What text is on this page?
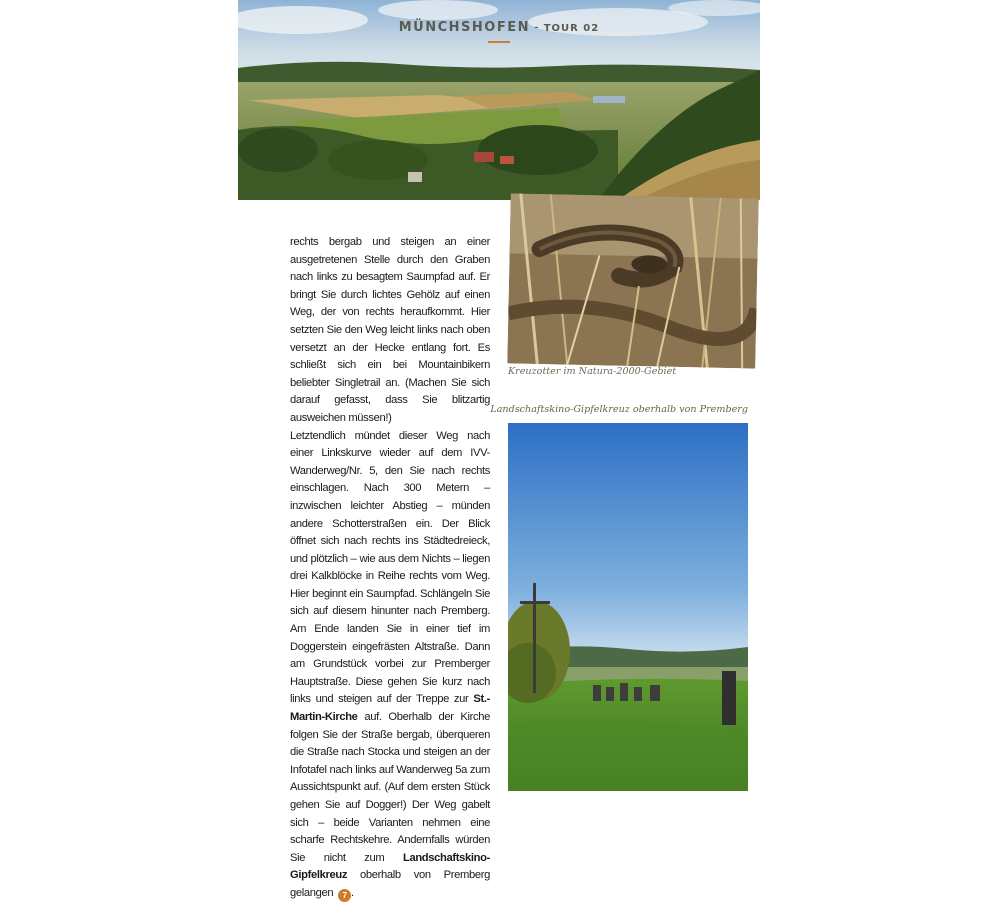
MÜNCHSHOFEN - TOUR 02

rechts bergab und steigen an einer ausgetretenen Stelle durch den Graben nach links zu besagtem Saumpfad auf. Er bringt Sie durch lichtes Gehölz auf einen Weg, der von rechts heraufkommt. Hier setzten Sie den Weg leicht links nach oben versetzt an der Hecke entlang fort. Es schließt sich ein bei Mountainbikern beliebter Singletrail an. (Machen Sie sich darauf gefasst, dass Sie blitzartig ausweichen müssen!)

Letztendlich mündet dieser Weg nach einer Linkskurve wieder auf dem IVV-Wanderweg/Nr. 5, den Sie nach rechts einschlagen. Nach 300 Metern – inzwischen leichter Abstieg – münden andere Schotterstraßen ein. Der Blick öffnet sich nach rechts ins Städtedreieck, und plötzlich – wie aus dem Nichts – liegen drei Kalkblöcke in Reihe rechts vom Weg. Hier beginnt ein Saumpfad. Schlängeln Sie sich auf diesem hinunter nach Premberg. Am Ende landen Sie in einer tief im Doggerstein eingefrästen Altstraße. Dann am Grundstück vorbei zur Premberger Hauptstraße. Diese gehen Sie kurz nach links und steigen auf der Treppe zur St.-Martin-Kirche auf. Oberhalb der Kirche folgen Sie der Straße bergab, überqueren die Straße nach Stocka und steigen an der Infotafel nach links auf Wanderweg 5a zum Aussichtspunkt auf. (Auf dem ersten Stück gehen Sie auf Dogger!) Der Weg gabelt sich – beide Varianten nehmen eine scharfe Rechtskehre. Andernfalls würden Sie nicht zum Landschaftskino-Gipfelkreuz oberhalb von Premberg gelangen 7 .

Kreuzotter im Natura-2000-Gebiet
Landschaftskino-Gipfelkreuz oberhalb von Premberg
